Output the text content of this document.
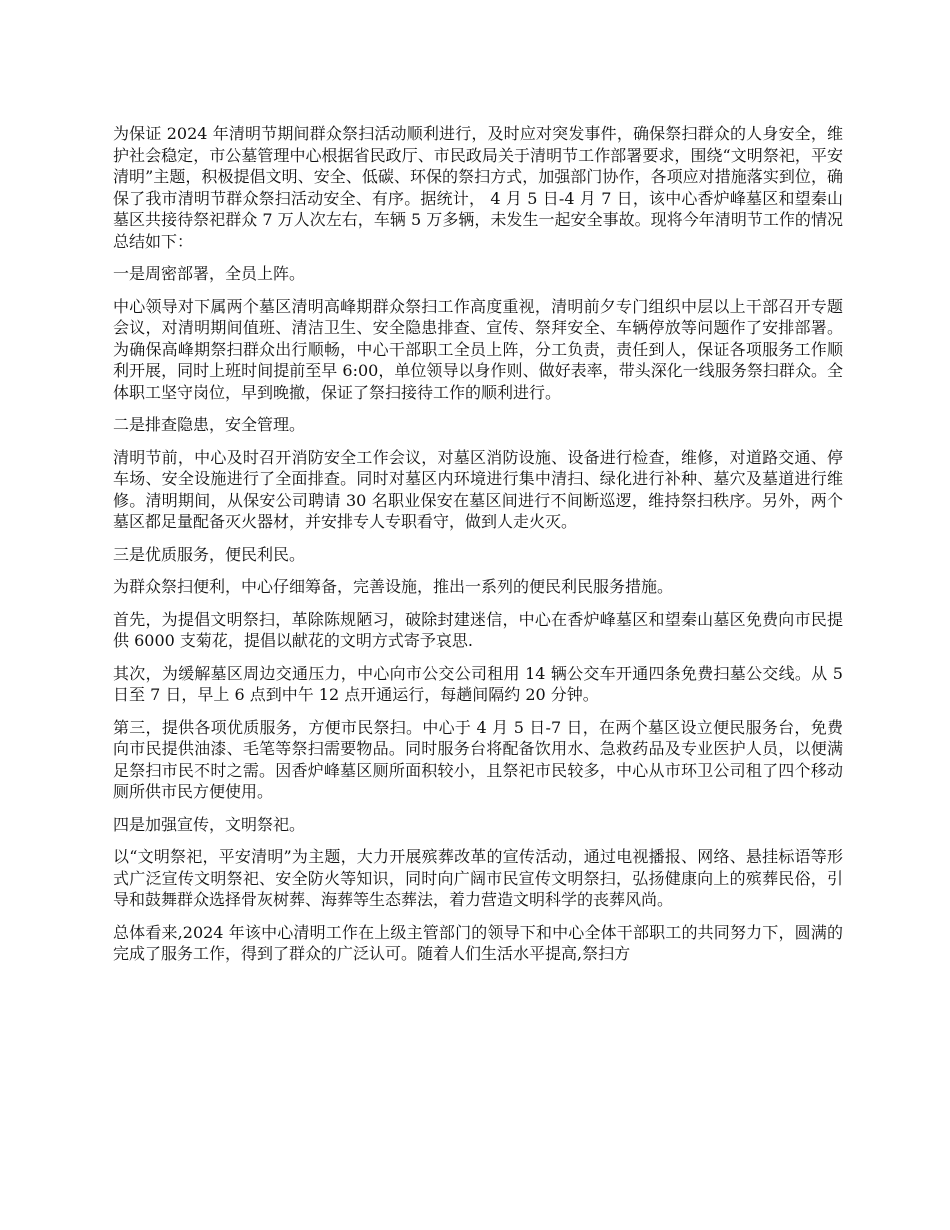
为保证 2024 年清明节期间群众祭扫活动顺利进行，及时应对突发事件，确保祭扫群众的人身安全，维护社会稳定，市公墓管理中心根据省民政厅、市民政局关于清明节工作部署要求，围绕“文明祭祀，平安清明”主题，积极提倡文明、安全、低碳、环保的祭扫方式，加强部门协作，各项应对措施落实到位，确保了我市清明节群众祭扫活动安全、有序。据统计， 4 月 5 日-4 月 7 日，该中心香炉峰墓区和望秦山墓区共接待祭祀群众 7 万人次左右，车辆 5 万多辆，未发生一起安全事故。现将今年清明节工作的情况总结如下：

一是周密部署，全员上阵。

中心领导对下属两个墓区清明高峰期群众祭扫工作高度重视，清明前夕专门组织中层以上干部召开专题会议，对清明期间值班、清洁卫生、安全隐患排查、宣传、祭拜安全、车辆停放等问题作了安排部署。为确保高峰期祭扫群众出行顺畅，中心干部职工全员上阵，分工负责，责任到人，保证各项服务工作顺利开展，同时上班时间提前至早 6:00，单位领导以身作则、做好表率，带头深化一线服务祭扫群众。全体职工坚守岗位，早到晚撤，保证了祭扫接待工作的顺利进行。

二是排查隐患，安全管理。

清明节前，中心及时召开消防安全工作会议，对墓区消防设施、设备进行检查，维修，对道路交通、停车场、安全设施进行了全面排查。同时对墓区内环境进行集中清扫、绿化进行补种、墓穴及墓道进行维修。清明期间，从保安公司聘请 30 名职业保安在墓区间进行不间断巡逻，维持祭扫秩序。另外，两个墓区都足量配备灭火器材，并安排专人专职看守，做到人走火灭。

三是优质服务，便民利民。

为群众祭扫便利，中心仔细筹备，完善设施，推出一系列的便民利民服务措施。

首先，为提倡文明祭扫，革除陈规陋习，破除封建迷信，中心在香炉峰墓区和望秦山墓区免费向市民提供 6000 支菊花，提倡以献花的文明方式寄予哀思.

其次，为缓解墓区周边交通压力，中心向市公交公司租用 14 辆公交车开通四条免费扫墓公交线。从 5 日至 7 日，早上 6 点到中午 12 点开通运行，每趟间隔约 20 分钟。

第三，提供各项优质服务，方便市民祭扫。中心于 4 月 5 日-7 日，在两个墓区设立便民服务台，免费向市民提供油漆、毛笔等祭扫需要物品。同时服务台将配备饮用水、急救药品及专业医护人员，以便满足祭扫市民不时之需。因香炉峰墓区厕所面积较小，且祭祀市民较多，中心从市环卫公司租了四个移动厕所供市民方便使用。

四是加强宣传，文明祭祀。

以“文明祭祀，平安清明”为主题，大力开展殡葬改革的宣传活动，通过电视播报、网络、悬挂标语等形式广泛宣传文明祭祀、安全防火等知识，同时向广阔市民宣传文明祭扫，弘扬健康向上的殡葬民俗，引导和鼓舞群众选择骨灰树葬、海葬等生态葬法，着力营造文明科学的丧葬风尚。

总体看来,2024 年该中心清明工作在上级主管部门的领导下和中心全体干部职工的共同努力下，圆满的完成了服务工作，得到了群众的广泛认可。随着人们生活水平提高,祭扫方
